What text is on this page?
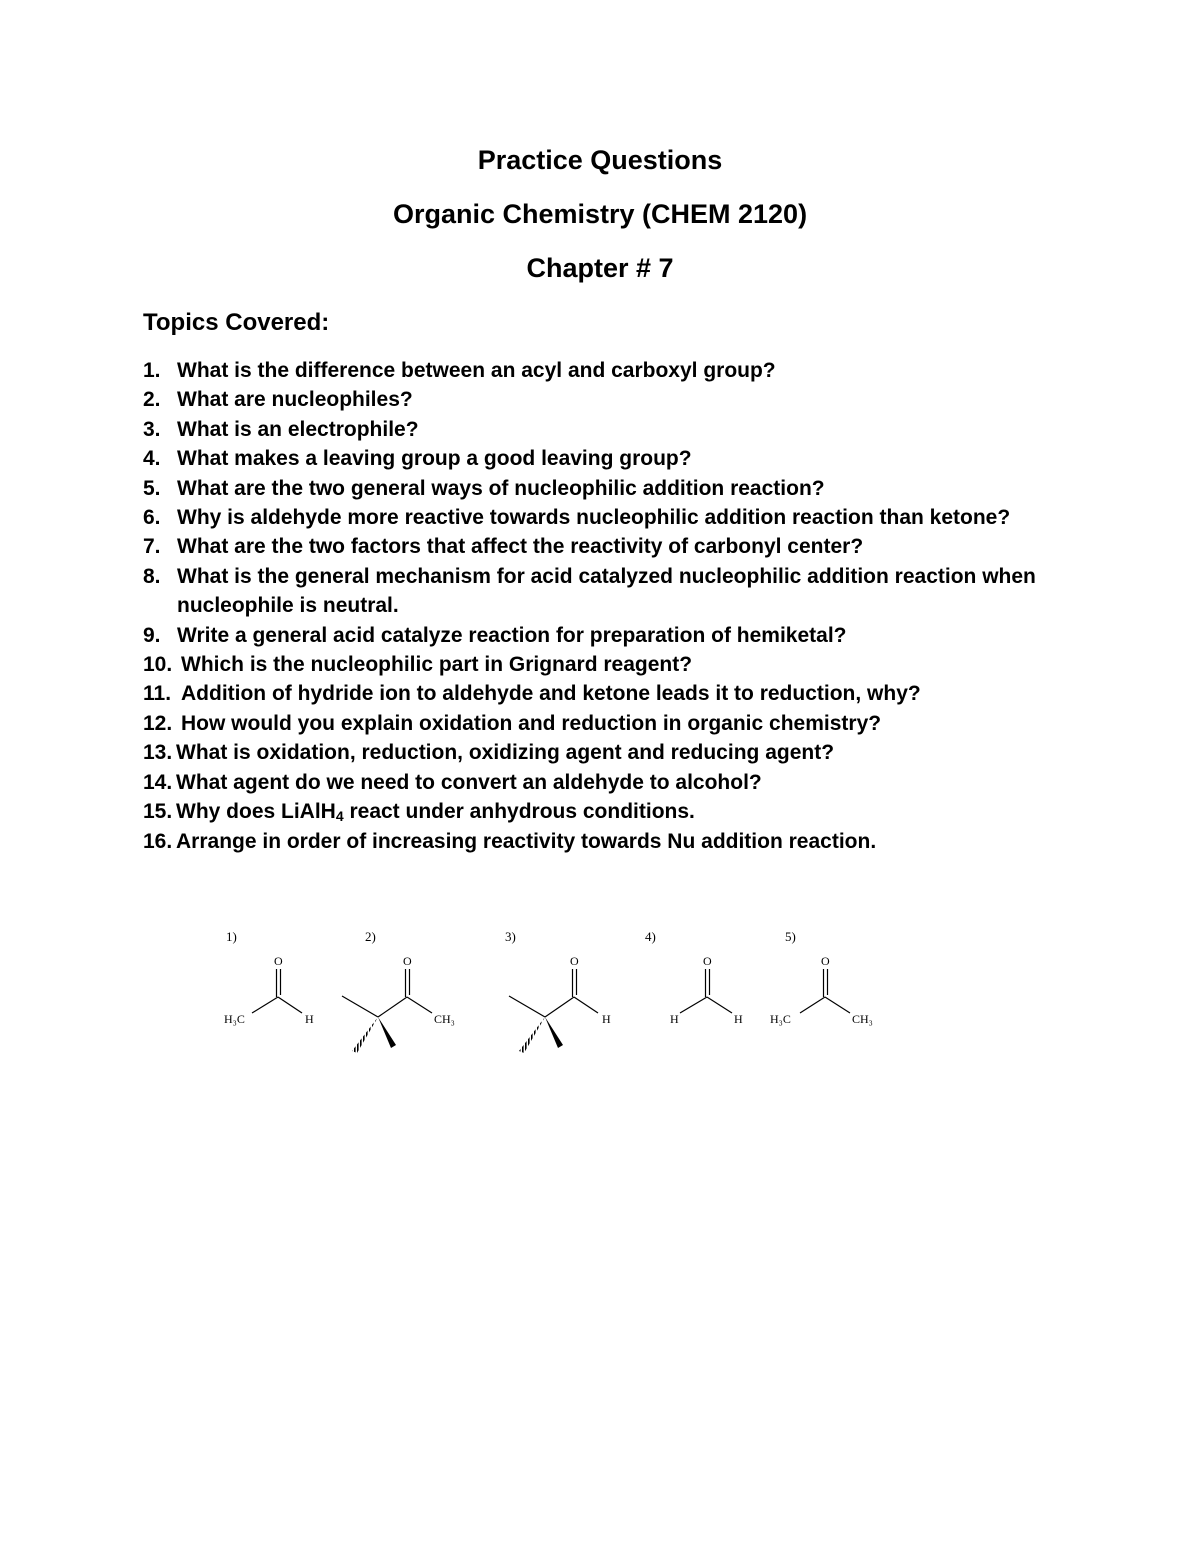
Practice Questions
Organic Chemistry (CHEM 2120)
Chapter # 7
Topics Covered:
1. What is the difference between an acyl and carboxyl group?
2. What are nucleophiles?
3. What is an electrophile?
4. What makes a leaving group a good leaving group?
5. What are the two general ways of nucleophilic addition reaction?
6. Why is aldehyde more reactive towards nucleophilic addition reaction than ketone?
7. What are the two factors that affect the reactivity of carbonyl center?
8. What is the general mechanism for acid catalyzed nucleophilic addition reaction when nucleophile is neutral.
9. Write a general acid catalyze reaction for preparation of hemiketal?
10. Which is the nucleophilic part in Grignard reagent?
11. Addition of hydride ion to aldehyde and ketone leads it to reduction, why?
12. How would you explain oxidation and reduction in organic chemistry?
13. What is oxidation, reduction, oxidizing agent and reducing agent?
14. What agent do we need to convert an aldehyde to alcohol?
15. Why does LiAlH$_4$ react under anhydrous conditions.
16. Arrange in order of increasing reactivity towards Nu addition reaction.
1)
O
H₃C	H
2)
O
CH₃
3)
O
H
4)
O
H	H
5)
O
H₃C	CH₃
